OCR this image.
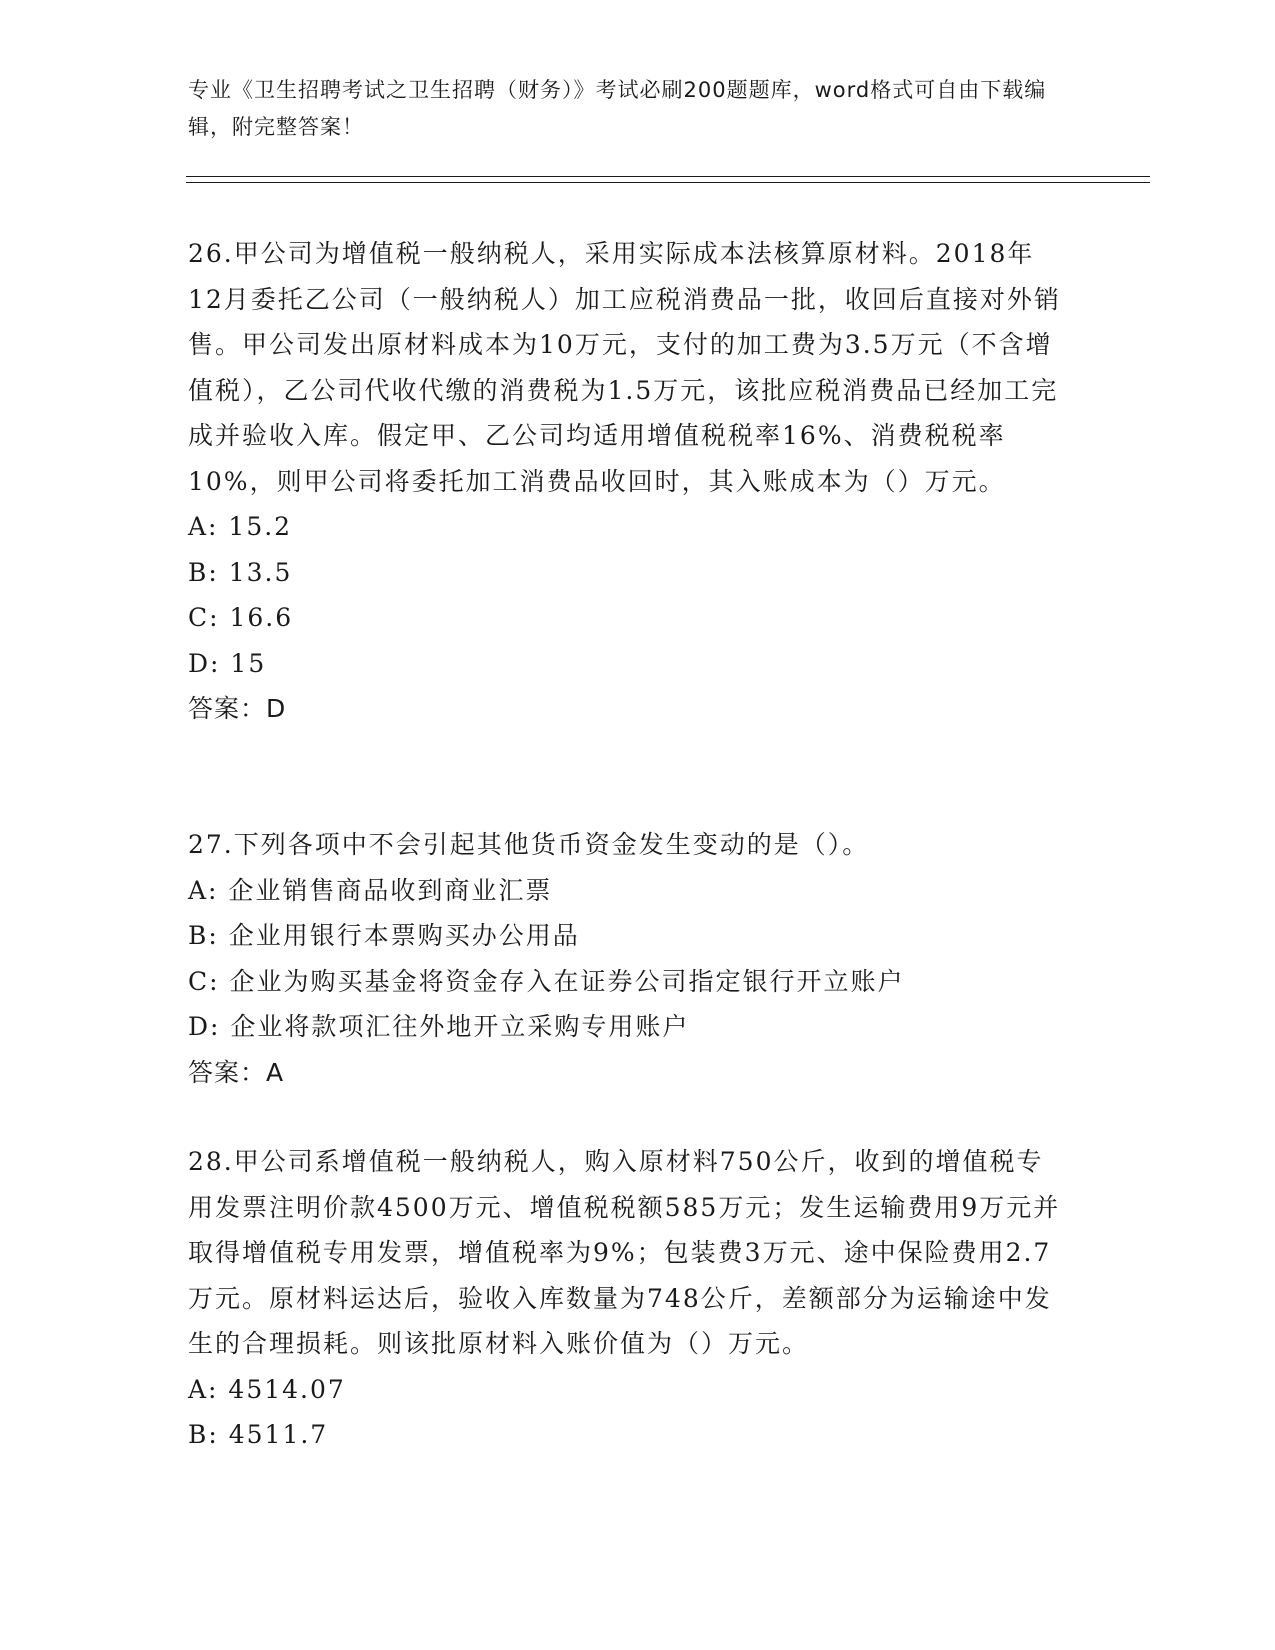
专业《卫生招聘考试之卫生招聘（财务）》考试必刷200题题库，word格式可自由下载编辑，附完整答案！
26.甲公司为增值税一般纳税人，采用实际成本法核算原材料。2018年12月委托乙公司（一般纳税人）加工应税消费品一批，收回后直接对外销售。甲公司发出原材料成本为10万元，支付的加工费为3.5万元（不含增值税），乙公司代收代缴的消费税为1.5万元，该批应税消费品已经加工完成并验收入库。假定甲、乙公司均适用增值税税率16%、消费税税率10%，则甲公司将委托加工消费品收回时，其入账成本为（）万元。
A: 15.2
B: 13.5
C: 16.6
D: 15
答案：D
27.下列各项中不会引起其他货币资金发生变动的是（）。
A: 企业销售商品收到商业汇票
B: 企业用银行本票购买办公用品
C: 企业为购买基金将资金存入在证券公司指定银行开立账户
D: 企业将款项汇往外地开立采购专用账户
答案：A
28.甲公司系增值税一般纳税人，购入原材料750公斤，收到的增值税专用发票注明价款4500万元、增值税税额585万元；发生运输费用9万元并取得增值税专用发票，增值税率为9%；包装费3万元、途中保险费用2.7万元。原材料运达后，验收入库数量为748公斤，差额部分为运输途中发生的合理损耗。则该批原材料入账价值为（）万元。
A: 4514.07
B: 4511.7
